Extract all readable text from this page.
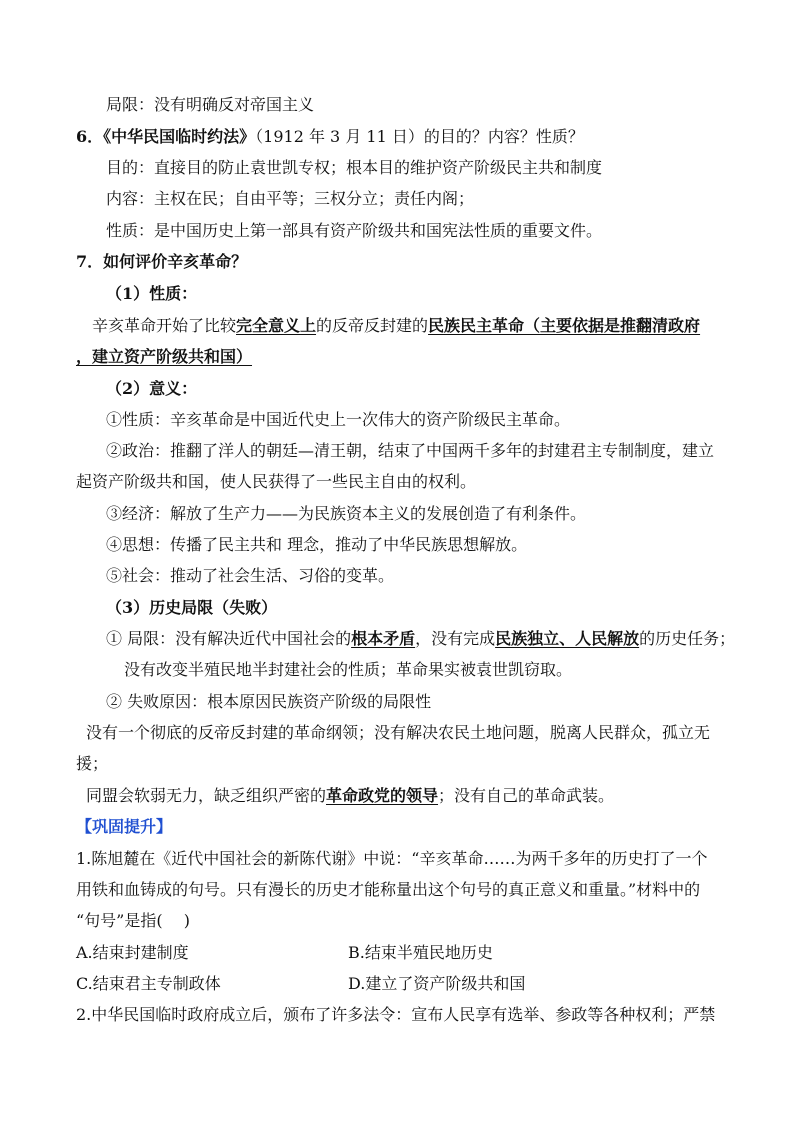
局限：没有明确反对帝国主义
6．《中华民国临时约法》（1912 年 3 月 11 日）的目的？内容？性质？
目的：直接目的防止袁世凯专权；根本目的维护资产阶级民主共和制度
内容：主权在民；自由平等；三权分立；责任内阁；
性质：是中国历史上第一部具有资产阶级共和国宪法性质的重要文件。
7．如何评价辛亥革命？
（1）性质：
辛亥革命开始了比较完全意义上的反帝反封建的民族民主革命（主要依据是推翻清政府
，建立资产阶级共和国）
（2）意义：
①性质：辛亥革命是中国近代史上一次伟大的资产阶级民主革命。
②政治：推翻了洋人的朝廷—清王朝，结束了中国两千多年的封建君主专制制度，建立
起资产阶级共和国，使人民获得了一些民主自由的权利。
③经济：解放了生产力——为民族资本主义的发展创造了有利条件。
④思想：传播了民主共和 理念，推动了中华民族思想解放。
⑤社会：推动了社会生活、习俗的变革。
（3）历史局限（失败）
① 局限：没有解决近代中国社会的根本矛盾，没有完成民族独立、人民解放的历史任务；
没有改变半殖民地半封建社会的性质；革命果实被袁世凯窃取。
② 失败原因：根本原因民族资产阶级的局限性
没有一个彻底的反帝反封建的革命纲领；没有解决农民土地问题，脱离人民群众，孤立无
援；
同盟会软弱无力，缺乏组织严密的革命政党的领导；没有自己的革命武装。
【巩固提升】
1.陈旭麓在《近代中国社会的新陈代谢》中说：“辛亥革命……为两千多年的历史打了一个
用铁和血铸成的句号。只有漫长的历史才能称量出这个句号的真正意义和重量。”材料中的
“句号”是指(　 )
A.结束封建制度	B.结束半殖民地历史
C.结束君主专制政体	D.建立了资产阶级共和国
2.中华民国临时政府成立后，颁布了许多法令：宣布人民享有选举、参政等各种权利；严禁
